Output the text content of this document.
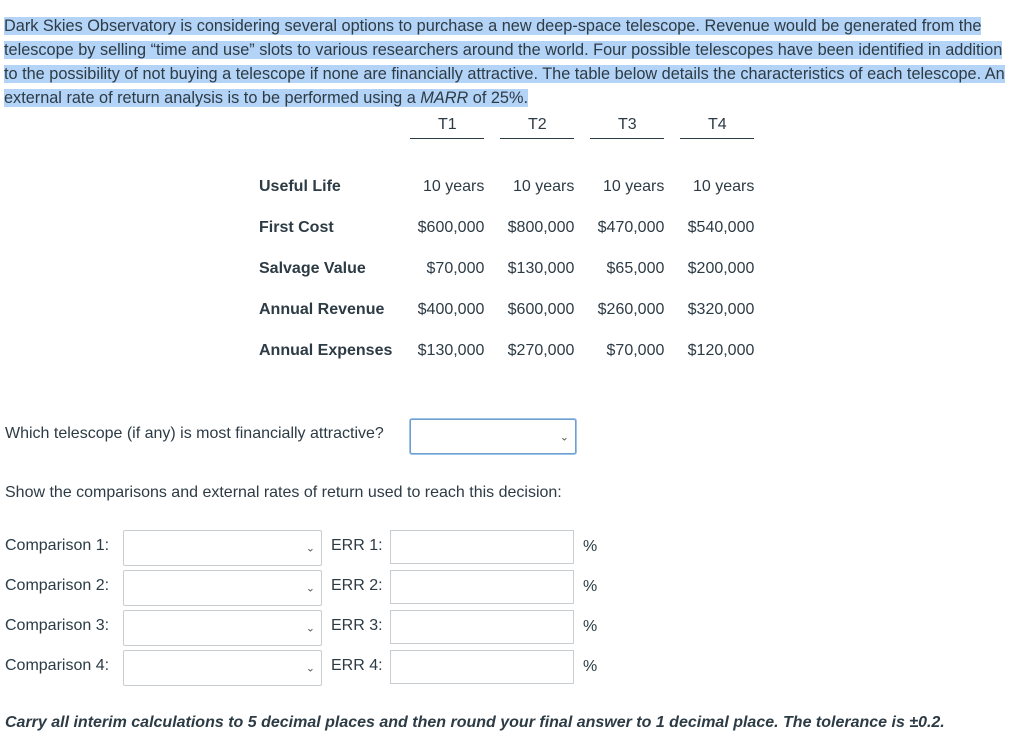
Dark Skies Observatory is considering several options to purchase a new deep-space telescope. Revenue would be generated from the telescope by selling “time and use” slots to various researchers around the world. Four possible telescopes have been identified in addition to the possibility of not buying a telescope if none are financially attractive. The table below details the characteristics of each telescope. An external rate of return analysis is to be performed using a MARR of 25%.
	T1		T2		T3		T4

Useful Life	10 years		10 years		10 years		10 years
First Cost	$600,000		$800,000		$470,000		$540,000
Salvage Value	$70,000		$130,000		$65,000		$200,000
Annual Revenue	$400,000		$600,000		$260,000		$320,000
Annual Expenses	$130,000		$270,000		$70,000		$120,000
Which telescope (if any) is most financially attractive?	⌄
Show the comparisons and external rates of return used to reach this decision:
Comparison 1:	⌄ ERR 1:	%
Comparison 2:	⌄ ERR 2:	%
Comparison 3:	⌄ ERR 3:	%
Comparison 4:	⌄ ERR 4:	%
Carry all interim calculations to 5 decimal places and then round your final answer to 1 decimal place. The tolerance is ±0.2.
